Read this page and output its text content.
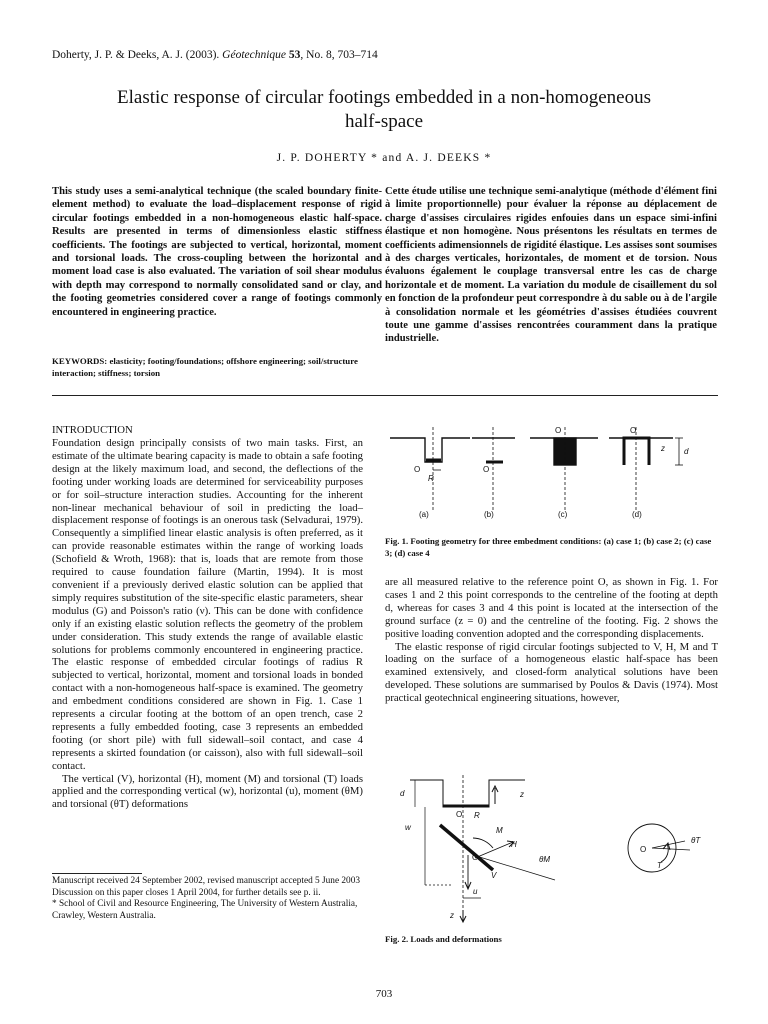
Doherty, J. P. & Deeks, A. J. (2003). Géotechnique 53, No. 8, 703–714
Elastic response of circular footings embedded in a non-homogeneous
half-space
J. P. DOHERTY * and A. J. DEEKS *
This study uses a semi-analytical technique (the scaled boundary finite-element method) to evaluate the load–displacement response of rigid circular footings embedded in a non-homogeneous elastic half-space. Results are presented in terms of dimensionless elastic stiffness coefficients. The footings are subjected to vertical, horizontal, moment and torsional loads. The cross-coupling between the horizontal and moment load case is also evaluated. The variation of soil shear modulus with depth may correspond to normally consolidated sand or clay, and the footing geometries considered cover a range of footings commonly encountered in engineering practice.
KEYWORDS: elasticity; footing/foundations; offshore engineering; soil/structure interaction; stiffness; torsion
Cette étude utilise une technique semi-analytique (méthode d'élément fini à limite proportionnelle) pour évaluer la réponse au déplacement de charge d'assises circulaires rigides enfouies dans un espace simi-infini élastique et non homogène. Nous présentons les résultats en termes de coefficients adimensionnels de rigidité élastique. Les assises sont soumises à des charges verticales, horizontales, de moment et de torsion. Nous évaluons également le couplage transversal entre les cas de charge horizontale et de moment. La variation du module de cisaillement du sol en fonction de la profondeur peut correspondre à du sable ou à de l'argile à consolidation normale et les géométries d'assises étudiées couvrent toute une gamme d'assises rencontrées couramment dans la pratique industrielle.
INTRODUCTION

Foundation design principally consists of two main tasks. First, an estimate of the ultimate bearing capacity is made to obtain a safe footing design at the likely maximum load, and second, the deflections of the footing under working loads are determined for serviceability purposes or for soil–structure interaction studies. Accounting for the inherent non-linear mechanical behaviour of soil in predicting the load–displacement response of footings is an onerous task (Selvadurai, 1979). Consequently a simplified linear elastic analysis is often preferred, as it can provide reasonable estimates within the range of working loads (Schofield & Wroth, 1968): that is, loads that are remote from those required to cause foundation failure (Martin, 1994). It is most convenient if a previously derived elastic solution can be applied that simply requires substitution of the site-specific elastic parameters, shear modulus (G) and Poisson's ratio (ν). This can be done with confidence only if an existing elastic solution reflects the geometry of the problem under consideration. This study extends the range of available elastic solutions for problems commonly encountered in engineering practice. The elastic response of embedded circular footings of radius R subjected to vertical, horizontal, moment and torsional loads in bonded contact with a non-homogeneous half-space is examined. The geometry and embedment conditions considered are shown in Fig. 1. Case 1 represents a circular footing at the bottom of an open trench, case 2 represents a fully embedded footing, case 3 represents an embedded footing (or short pile) with full sidewall–soil contact, and case 4 represents a skirted foundation (or caisson), also with full sidewall–soil contact.

The vertical (V), horizontal (H), moment (M) and torsional (T) loads applied and the corresponding vertical (w), horizontal (u), moment (θM) and torsional (θT) deformations

O
R
O
O	O
z d
(a)	(b)	(c)	(d)
Fig. 1. Footing geometry for three embedment conditions: (a) case 1; (b) case 2; (c) case 3; (d) case 4

are all measured relative to the reference point O, as shown in Fig. 1. For cases 1 and 2 this point corresponds to the centreline of the footing at depth d, whereas for cases 3 and 4 this point is located at the intersection of the ground surface (z = 0) and the centreline of the footing. Fig. 2 shows the positive loading convention adopted and the corresponding displacements.

The elastic response of rigid circular footings subjected to V, H, M and T loading on the surface of a homogeneous elastic half-space has been examined extensively, and closed-form analytical solutions have been developed. These solutions are summarised by Poulos & Davis (1974). Most practical geotechnical engineering situations, however,

d	z
w
O R
M
H
O
V
u
θM
z
O
T
θT
Fig. 2. Loads and deformations

Manuscript received 24 September 2002, revised manuscript accepted 5 June 2003

Discussion on this paper closes 1 April 2004, for further details see p. ii.

* School of Civil and Resource Engineering, The University of Western Australia, Crawley, Western Australia.

703
